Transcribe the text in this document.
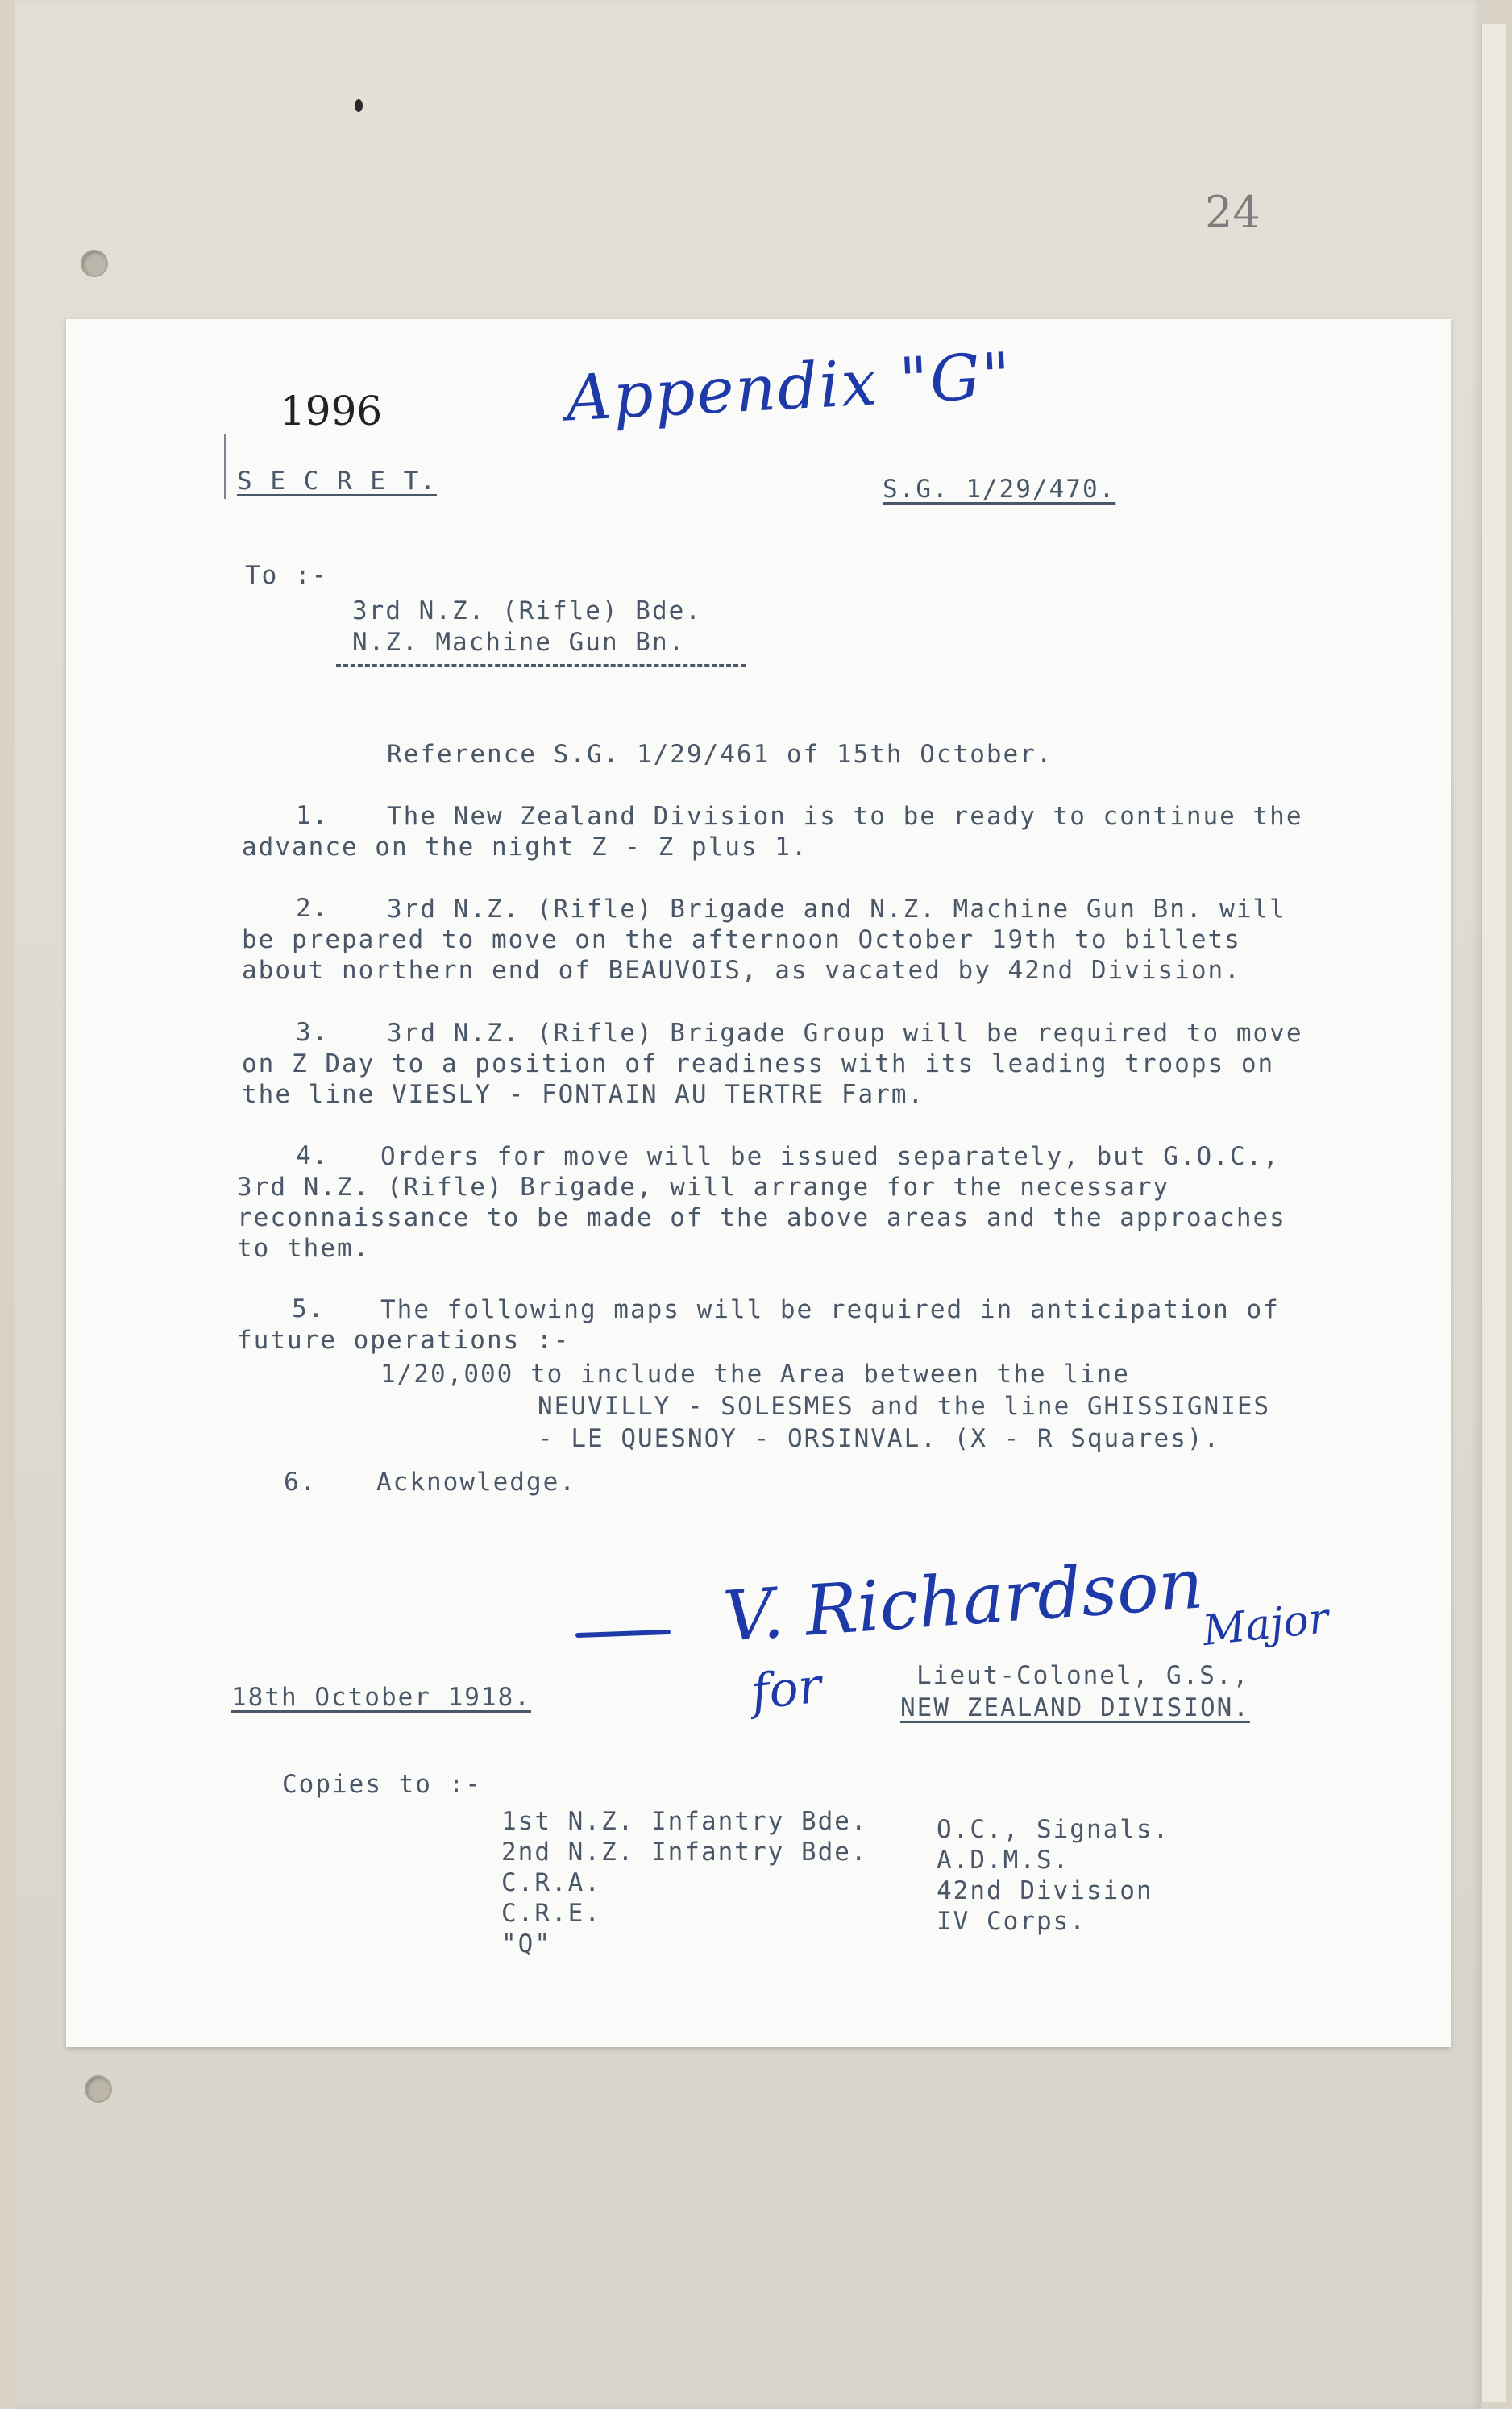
24
1996	Appendix "G"
S E C R E T.	S.G. 1/29/470.
To :-
3rd N.Z. (Rifle) Bde.
N.Z. Machine Gun Bn.
Reference S.G. 1/29/461 of 15th October.
1. The New Zealand Division is to be ready to continue the
advance on the night Z - Z plus 1.
2. 3rd N.Z. (Rifle) Brigade and N.Z. Machine Gun Bn. will
be prepared to move on the afternoon October 19th to billets
about northern end of BEAUVOIS, as vacated by 42nd Division.
3. 3rd N.Z. (Rifle) Brigade Group will be required to move
on Z Day to a position of readiness with its leading troops on
the line VIESLY - FONTAIN AU TERTRE Farm.
4. Orders for move will be issued separately, but G.O.C.,
3rd N.Z. (Rifle) Brigade, will arrange for the necessary
reconnaissance to be made of the above areas and the approaches
to them.
5. The following maps will be required in anticipation of
future operations :-
1/20,000 to include the Area between the line
NEUVILLY - SOLESMES and the line GHISSIGNIES
- LE QUESNOY - ORSINVAL. (X - R Squares).
6. Acknowledge.
V. Richardson
Major
for
18th October 1918.
Lieut-Colonel, G.S.,
NEW ZEALAND DIVISION.
Copies to :-
1st N.Z. Infantry Bde.
2nd N.Z. Infantry Bde.
C.R.A.
C.R.E.
"Q"
O.C., Signals.
A.D.M.S.
42nd Division
IV Corps.
